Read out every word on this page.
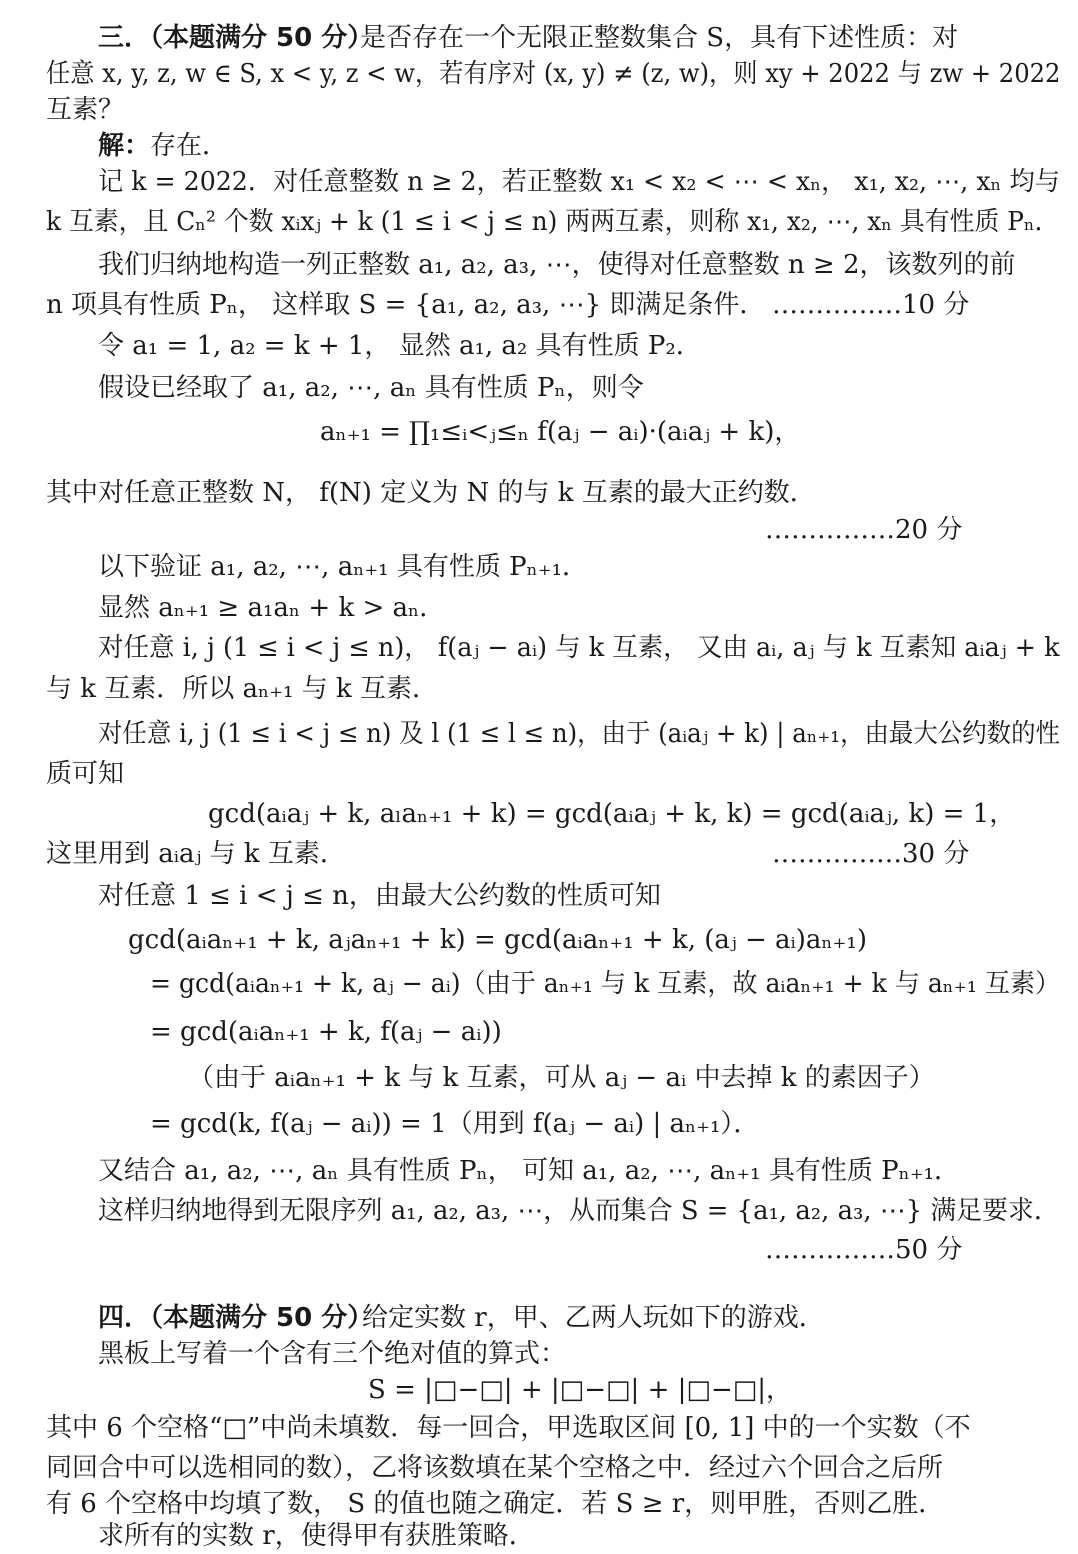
三．（本题满分 50 分）
是否存在一个无限正整数集合 S，具有下述性质：对
任意 x, y, z, w ∈ S, x < y, z < w，若有序对 (x, y) ≠ (z, w)，则 xy + 2022 与 zw + 2022
互素？
解： 存在．
记 k = 2022．对任意整数 n ≥ 2，若正整数 x₁ < x₂ < ⋯ < xₙ， x₁, x₂, ⋯, xₙ 均与
k 互素，且 Cₙ² 个数 xᵢxⱼ + k (1 ≤ i < j ≤ n) 两两互素，则称 x₁, x₂, ⋯, xₙ 具有性质 Pₙ．
我们归纳地构造一列正整数 a₁, a₂, a₃, ⋯，使得对任意整数 n ≥ 2，该数列的前
n 项具有性质 Pₙ， 这样取 S = {a₁, a₂, a₃, ⋯} 即满足条件． ……………10 分
令 a₁ = 1, a₂ = k + 1， 显然 a₁, a₂ 具有性质 P₂．
假设已经取了 a₁, a₂, ⋯, aₙ 具有性质 Pₙ，则令
aₙ₊₁ = ∏₁≤ᵢ<ⱼ≤ₙ f(aⱼ − aᵢ)·(aᵢaⱼ + k)，
其中对任意正整数 N， f(N) 定义为 N 的与 k 互素的最大正约数．
……………20 分
以下验证 a₁, a₂, ⋯, aₙ₊₁ 具有性质 Pₙ₊₁．
显然 aₙ₊₁ ≥ a₁aₙ + k > aₙ．
对任意 i, j (1 ≤ i < j ≤ n)， f(aⱼ − aᵢ) 与 k 互素， 又由 aᵢ, aⱼ 与 k 互素知 aᵢaⱼ + k
与 k 互素．所以 aₙ₊₁ 与 k 互素．
对任意 i, j (1 ≤ i < j ≤ n) 及 l (1 ≤ l ≤ n)，由于 (aᵢaⱼ + k) | aₙ₊₁，由最大公约数的性
质可知
gcd(aᵢaⱼ + k, aₗaₙ₊₁ + k) = gcd(aᵢaⱼ + k, k) = gcd(aᵢaⱼ, k) = 1，
这里用到 aᵢaⱼ 与 k 互素．	……………30 分
对任意 1 ≤ i < j ≤ n，由最大公约数的性质可知
gcd(aᵢaₙ₊₁ + k, aⱼaₙ₊₁ + k) = gcd(aᵢaₙ₊₁ + k, (aⱼ − aᵢ)aₙ₊₁)
= gcd(aᵢaₙ₊₁ + k, aⱼ − aᵢ)（由于 aₙ₊₁ 与 k 互素，故 aᵢaₙ₊₁ + k 与 aₙ₊₁ 互素）
= gcd(aᵢaₙ₊₁ + k, f(aⱼ − aᵢ))
（由于 aᵢaₙ₊₁ + k 与 k 互素，可从 aⱼ − aᵢ 中去掉 k 的素因子）
= gcd(k, f(aⱼ − aᵢ)) = 1（用到 f(aⱼ − aᵢ) | aₙ₊₁）．
又结合 a₁, a₂, ⋯, aₙ 具有性质 Pₙ， 可知 a₁, a₂, ⋯, aₙ₊₁ 具有性质 Pₙ₊₁．
这样归纳地得到无限序列 a₁, a₂, a₃, ⋯，从而集合 S = {a₁, a₂, a₃, ⋯} 满足要求．
……………50 分
四．（本题满分 50 分）
给定实数 r，甲、乙两人玩如下的游戏．
黑板上写着一个含有三个绝对值的算式：
S = |□−□| + |□−□| + |□−□|，
其中 6 个空格“□”中尚未填数．每一回合，甲选取区间 [0, 1] 中的一个实数（不
同回合中可以选相同的数），乙将该数填在某个空格之中．经过六个回合之后所
有 6 个空格中均填了数， S 的值也随之确定．若 S ≥ r，则甲胜，否则乙胜．
求所有的实数 r，使得甲有获胜策略．
